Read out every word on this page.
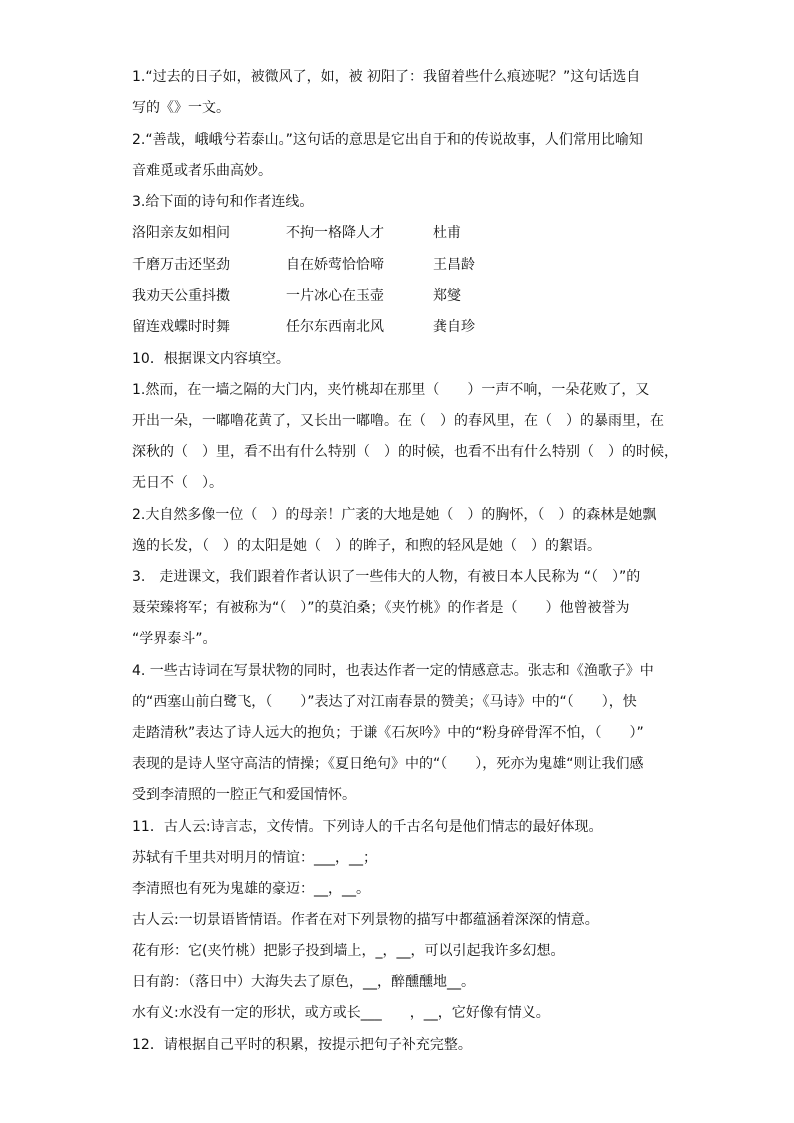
1.“过去的日子如，被微风了，如，被 初阳了：我留着些什么痕迹呢？”这句话选自
写的《》一文。
2.“善哉，峨峨兮若泰山。”这句话的意思是它出自于和的传说故事，人们常用比喻知
音难觅或者乐曲高妙。
3.给下面的诗句和作者连线。
洛阳亲友如相问	不拘一格降人才	杜甫
千磨万击还坚劲	自在娇莺恰恰啼	王昌龄
我劝天公重抖擞	一片冰心在玉壶	郑燮
留连戏蝶时时舞	任尔东西南北风	龚自珍
10．根据课文内容填空。
1.然而，在一墙之隔的大门内，夹竹桃却在那里（　　）一声不响，一朵花败了，又
开出一朵，一嘟噜花黄了，又长出一嘟噜。在（　）的春风里，在（　）的暴雨里，在
深秋的（　）里，看不出有什么特别（　）的时候，也看不出有什么特别（　）的时候，
无日不（　）。
2.大自然多像一位（　）的母亲！广袤的大地是她（　）的胸怀，（　）的森林是她飘
逸的长发，（　）的太阳是她（　）的眸子，和煦的轻风是她（　）的絮语。
3.　走进课文，我们跟着作者认识了一些伟大的人物，有被日本人民称为 “（　）”的
聂荣臻将军；有被称为“（　）”的莫泊桑；《夹竹桃》的作者是（　　）他曾被誉为
“学界泰斗”。
4. 一些古诗词在写景状物的同时，也表达作者一定的情感意志。张志和《渔歌子》中
的“西塞山前白鹭飞，（　　）”表达了对江南春景的赞美；《马诗》中的“（　　），快
走踏清秋”表达了诗人远大的抱负；于谦《石灰吟》中的“粉身碎骨浑不怕，（　　）”
表现的是诗人坚守高洁的情操；《夏日绝句》中的“（　　），死亦为鬼雄“则让我们感
受到李清照的一腔正气和爱国情怀。
11．古人云:诗言志，文传情。下列诗人的千古名句是他们情志的最好体现。
苏轼有千里共对明月的情谊：___，__；
李清照也有死为鬼雄的豪迈：__，__。
古人云:一切景语皆情语。作者在对下列景物的描写中都蕴涵着深深的情意。
花有形：它(夹竹桃）把影子投到墙上，_，__，可以引起我许多幻想。
日有韵：（落日中）大海失去了原色，__，醉醺醺地__。
水有义:水没有一定的形状，或方或长___　　，__，它好像有情义。
12．请根据自己平时的积累，按提示把句子补充完整。
